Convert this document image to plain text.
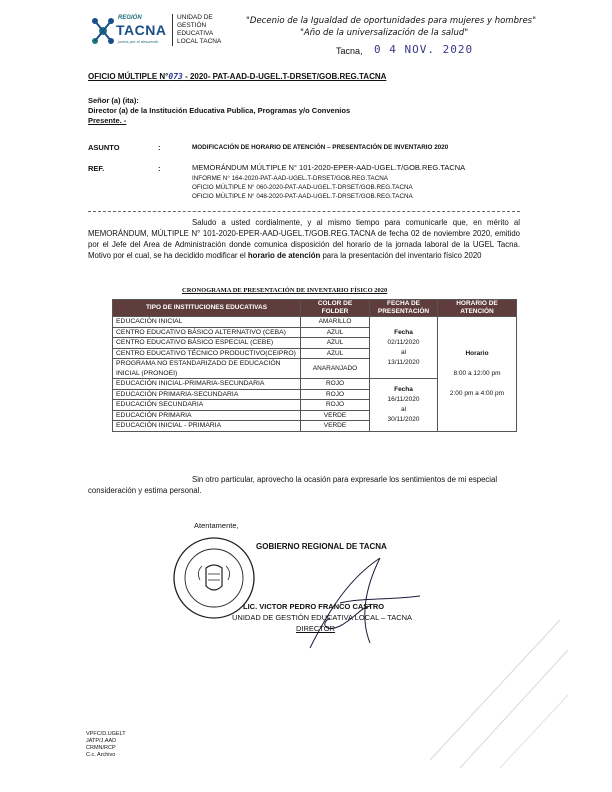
REGIÓN
TACNA
juntos por el desarrollo
UNIDAD DE
GESTIÓN
EDUCATIVA
LOCAL TACNA
"Decenio de la Igualdad de oportunidades para mujeres y hombres"
"Año de la universalización de la salud"
Tacna, 0 4 NOV. 2020
OFICIO MÚLTIPLE N°073 - 2020- PAT-AAD-D-UGEL.T-DRSET/GOB.REG.TACNA
Señor (a) (ita):
Director (a) de la Institución Educativa Publica, Programas y/o Convenios
Presente. -
ASUNTO	:	MODIFICACIÓN DE HORARIO DE ATENCIÓN – PRESENTACIÓN DE INVENTARIO 2020
REF.	:	MEMORÁNDUM MÚLTIPLE N° 101-2020-EPER-AAD-UGEL.T/GOB.REG.TACNA
INFORME N° 164-2020-PAT-AAD-UGEL.T-DRSET/GOB.REG.TACNA
OFICIO MÚLTIPLE N° 060-2020-PAT-AAD-UGEL.T-DRSET/GOB.REG.TACNA
OFICIO MÚLTIPLE N° 048-2020-PAT-AAD-UGEL.T-DRSET/GOB.REG.TACNA
Saludo a usted cordialmente, y al mismo tiempo para comunicarle que, en mérito al MEMORÁNDUM, MÚLTIPLE N° 101-2020-EPER-AAD-UGEL.T/GOB.REG.TACNA de fecha 02 de noviembre 2020, emitido por el Jefe del Area de Administración donde comunica disposición del horario de la jornada laboral de la UGEL Tacna. Motivo por el cual, se ha decidido modificar el horario de atención para la presentación del inventario físico 2020
CRONOGRAMA DE PRESENTACIÓN DE INVENTARIO FÍSICO 2020
TIPO DE INSTITUCIONES EDUCATIVAS	COLOR DE FOLDER	FECHA DE PRESENTACIÓN	HORARIO DE ATENCIÓN
EDUCACIÓN INICIAL	AMARILLO	Fecha
02/11/2020
al
13/11/2020	Horario

8:00 a 12:00 pm

2:00 pm a 4:00 pm
CENTRO EDUCATIVO BÁSICO ALTERNATIVO (CEBA)	AZUL		
CENTRO EDUCATIVO BÁSICO ESPECIAL (CEBE)	AZUL		
CENTRO EDUCATIVO TÉCNICO PRODUCTIVO(CEIPRO)	AZUL		
PROGRAMA NO ESTANDARIZADO DE EDUCACIÓN INICIAL (PRONOEI)	ANARANJADO		
EDUCACIÓN INICIAL-PRIMARIA-SECUNDARIA	ROJO	Fecha
16/11/2020
al
30/11/2020	
EDUCACIÓN PRIMARIA-SECUNDARIA	ROJO		
EDUCACIÓN SECUNDARIA	ROJO		
EDUCACIÓN PRIMARIA	VERDE		
EDUCACIÓN INICIAL - PRIMARIA	VERDE		
Sin otro particular, aprovecho la ocasión para expresarle los sentimientos de mi especial consideración y estima personal.
Atentamente,
GOBIERNO REGIONAL DE TACNA
LIC. VICTOR PEDRO FRANCO CASTRO
UNIDAD DE GESTIÓN EDUCATIVA LOCAL – TACNA
DIRECTOR
VPFC/D.UGELT
JATP/J.AAD
CRMN/RCP
C.c. Archivo
